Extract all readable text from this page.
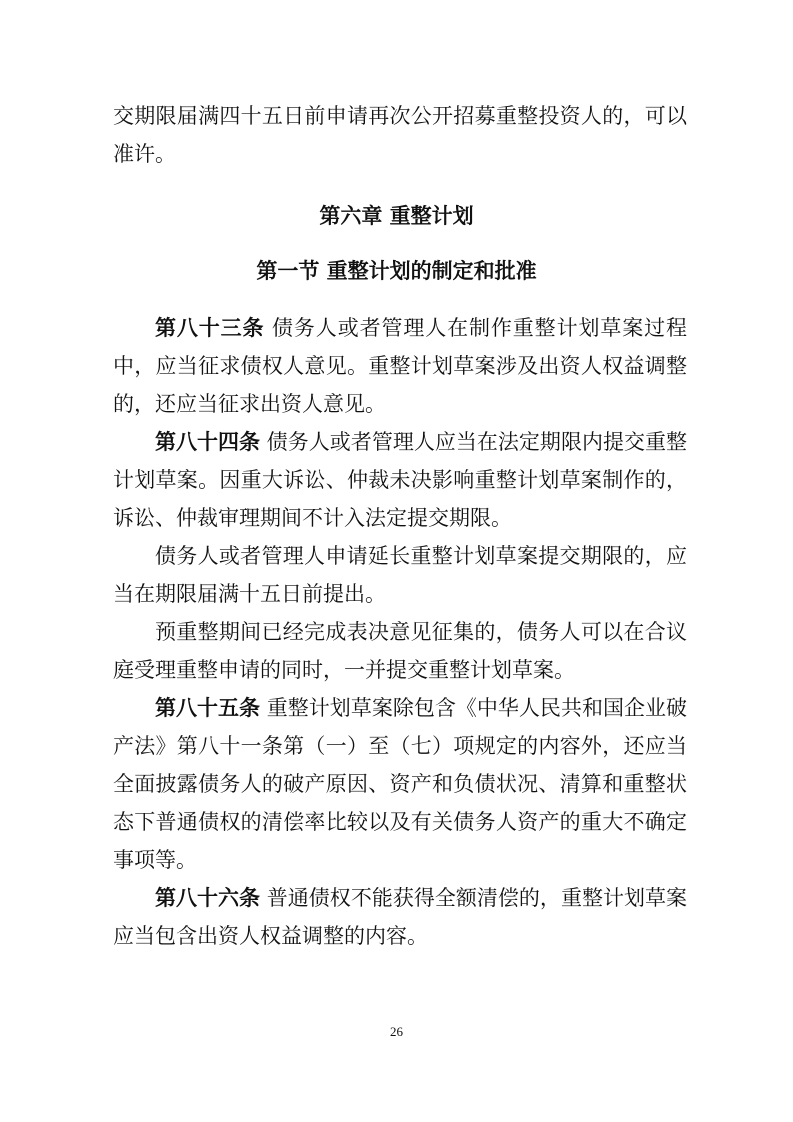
交期限届满四十五日前申请再次公开招募重整投资人的，可以准许。

第六章 重整计划
第一节 重整计划的制定和批准

第八十三条 债务人或者管理人在制作重整计划草案过程中，应当征求债权人意见。重整计划草案涉及出资人权益调整的，还应当征求出资人意见。

第八十四条 债务人或者管理人应当在法定期限内提交重整计划草案。因重大诉讼、仲裁未决影响重整计划草案制作的，诉讼、仲裁审理期间不计入法定提交期限。

债务人或者管理人申请延长重整计划草案提交期限的，应当在期限届满十五日前提出。

预重整期间已经完成表决意见征集的，债务人可以在合议庭受理重整申请的同时，一并提交重整计划草案。

第八十五条 重整计划草案除包含《中华人民共和国企业破产法》第八十一条第（一）至（七）项规定的内容外，还应当全面披露债务人的破产原因、资产和负债状况、清算和重整状态下普通债权的清偿率比较以及有关债务人资产的重大不确定事项等。

第八十六条 普通债权不能获得全额清偿的，重整计划草案应当包含出资人权益调整的内容。

26
